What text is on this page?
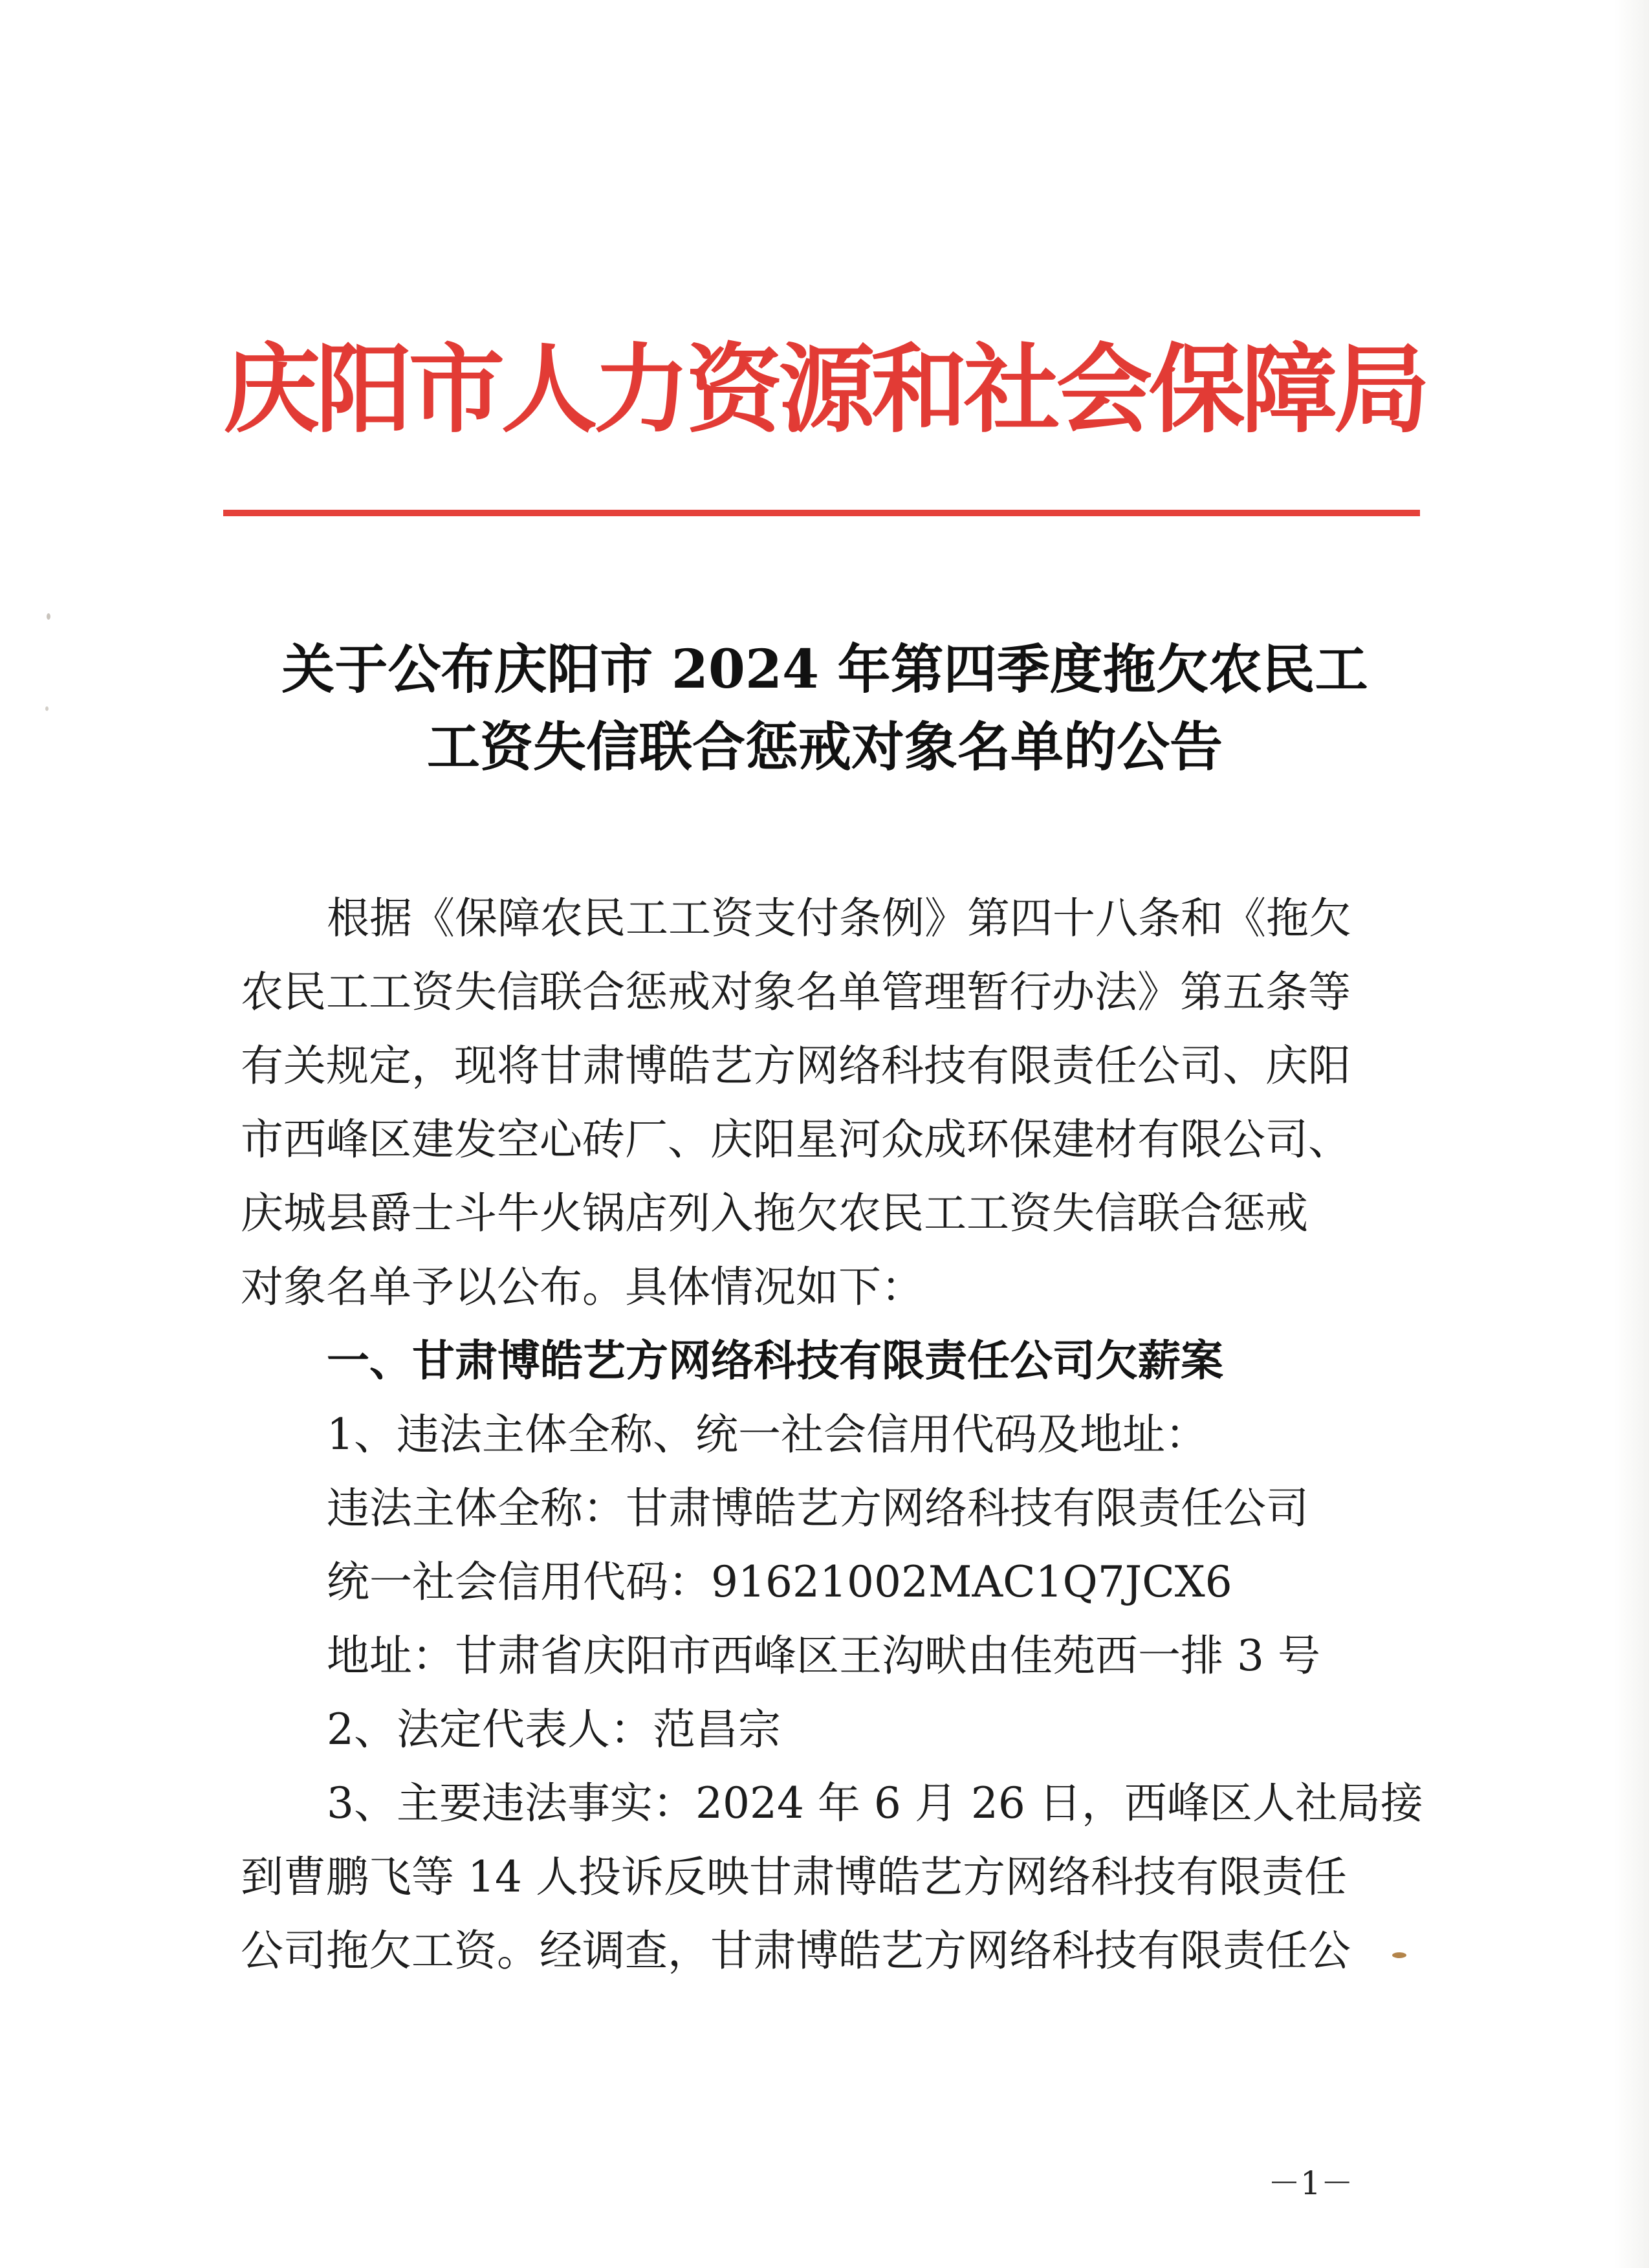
庆阳市人力资源和社会保障局
关于公布庆阳市 2024 年第四季度拖欠农民工
工资失信联合惩戒对象名单的公告
根据《保障农民工工资支付条例》第四十八条和《拖欠
农民工工资失信联合惩戒对象名单管理暂行办法》第五条等
有关规定，现将甘肃博皓艺方网络科技有限责任公司、庆阳
市西峰区建发空心砖厂、庆阳星河众成环保建材有限公司、
庆城县爵士斗牛火锅店列入拖欠农民工工资失信联合惩戒
对象名单予以公布。具体情况如下：
一、甘肃博皓艺方网络科技有限责任公司欠薪案
1、违法主体全称、统一社会信用代码及地址：
违法主体全称：甘肃博皓艺方网络科技有限责任公司
统一社会信用代码：91621002MAC1Q7JCX6
地址：甘肃省庆阳市西峰区王沟畎由佳苑西一排 3 号
2、法定代表人：范昌宗
3、主要违法事实：2024 年 6 月 26 日，西峰区人社局接
到曹鹏飞等 14 人投诉反映甘肃博皓艺方网络科技有限责任
公司拖欠工资。经调查，甘肃博皓艺方网络科技有限责任公
－1－
